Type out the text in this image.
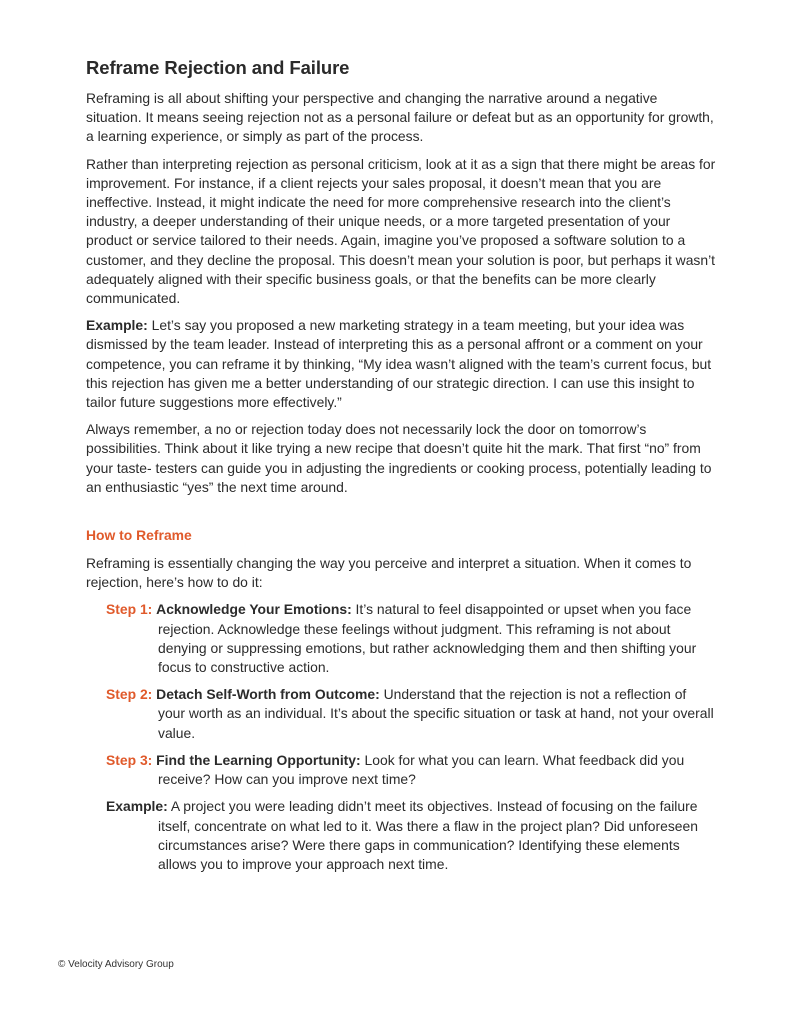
Reframe Rejection and Failure

Reframing is all about shifting your perspective and changing the narrative around a negative situation. It means seeing rejection not as a personal failure or defeat but as an opportunity for growth, a learning experience, or simply as part of the process.

Rather than interpreting rejection as personal criticism, look at it as a sign that there might be areas for improvement. For instance, if a client rejects your sales proposal, it doesn’t mean that you are ineffective. Instead, it might indicate the need for more comprehensive research into the client’s industry, a deeper understanding of their unique needs, or a more targeted presentation of your product or service tailored to their needs. Again, imagine you’ve proposed a software solution to a customer, and they decline the proposal. This doesn’t mean your solution is poor, but perhaps it wasn’t adequately aligned with their specific business goals, or that the benefits can be more clearly communicated.

Example: Let’s say you proposed a new marketing strategy in a team meeting, but your idea was dismissed by the team leader. Instead of interpreting this as a personal affront or a comment on your competence, you can reframe it by thinking, “My idea wasn’t aligned with the team’s current focus, but this rejection has given me a better understanding of our strategic direction. I can use this insight to tailor future suggestions more effectively.”

Always remember, a no or rejection today does not necessarily lock the door on tomorrow’s possibilities. Think about it like trying a new recipe that doesn’t quite hit the mark. That first “no” from your taste- testers can guide you in adjusting the ingredients or cooking process, potentially leading to an enthusiastic “yes” the next time around.

How to Reframe

Reframing is essentially changing the way you perceive and interpret a situation. When it comes to rejection, here’s how to do it:

Step 1: Acknowledge Your Emotions: It’s natural to feel disappointed or upset when you face rejection. Acknowledge these feelings without judgment. This reframing is not about denying or suppressing emotions, but rather acknowledging them and then shifting your focus to constructive action.
Step 2: Detach Self-Worth from Outcome: Understand that the rejection is not a reflection of your worth as an individual. It’s about the specific situation or task at hand, not your overall value.
Step 3: Find the Learning Opportunity: Look for what you can learn. What feedback did you receive? How can you improve next time?
Example: A project you were leading didn’t meet its objectives. Instead of focusing on the failure itself, concentrate on what led to it. Was there a flaw in the project plan? Did unforeseen circumstances arise? Were there gaps in communication? Identifying these elements allows you to improve your approach next time.
© Velocity Advisory Group
